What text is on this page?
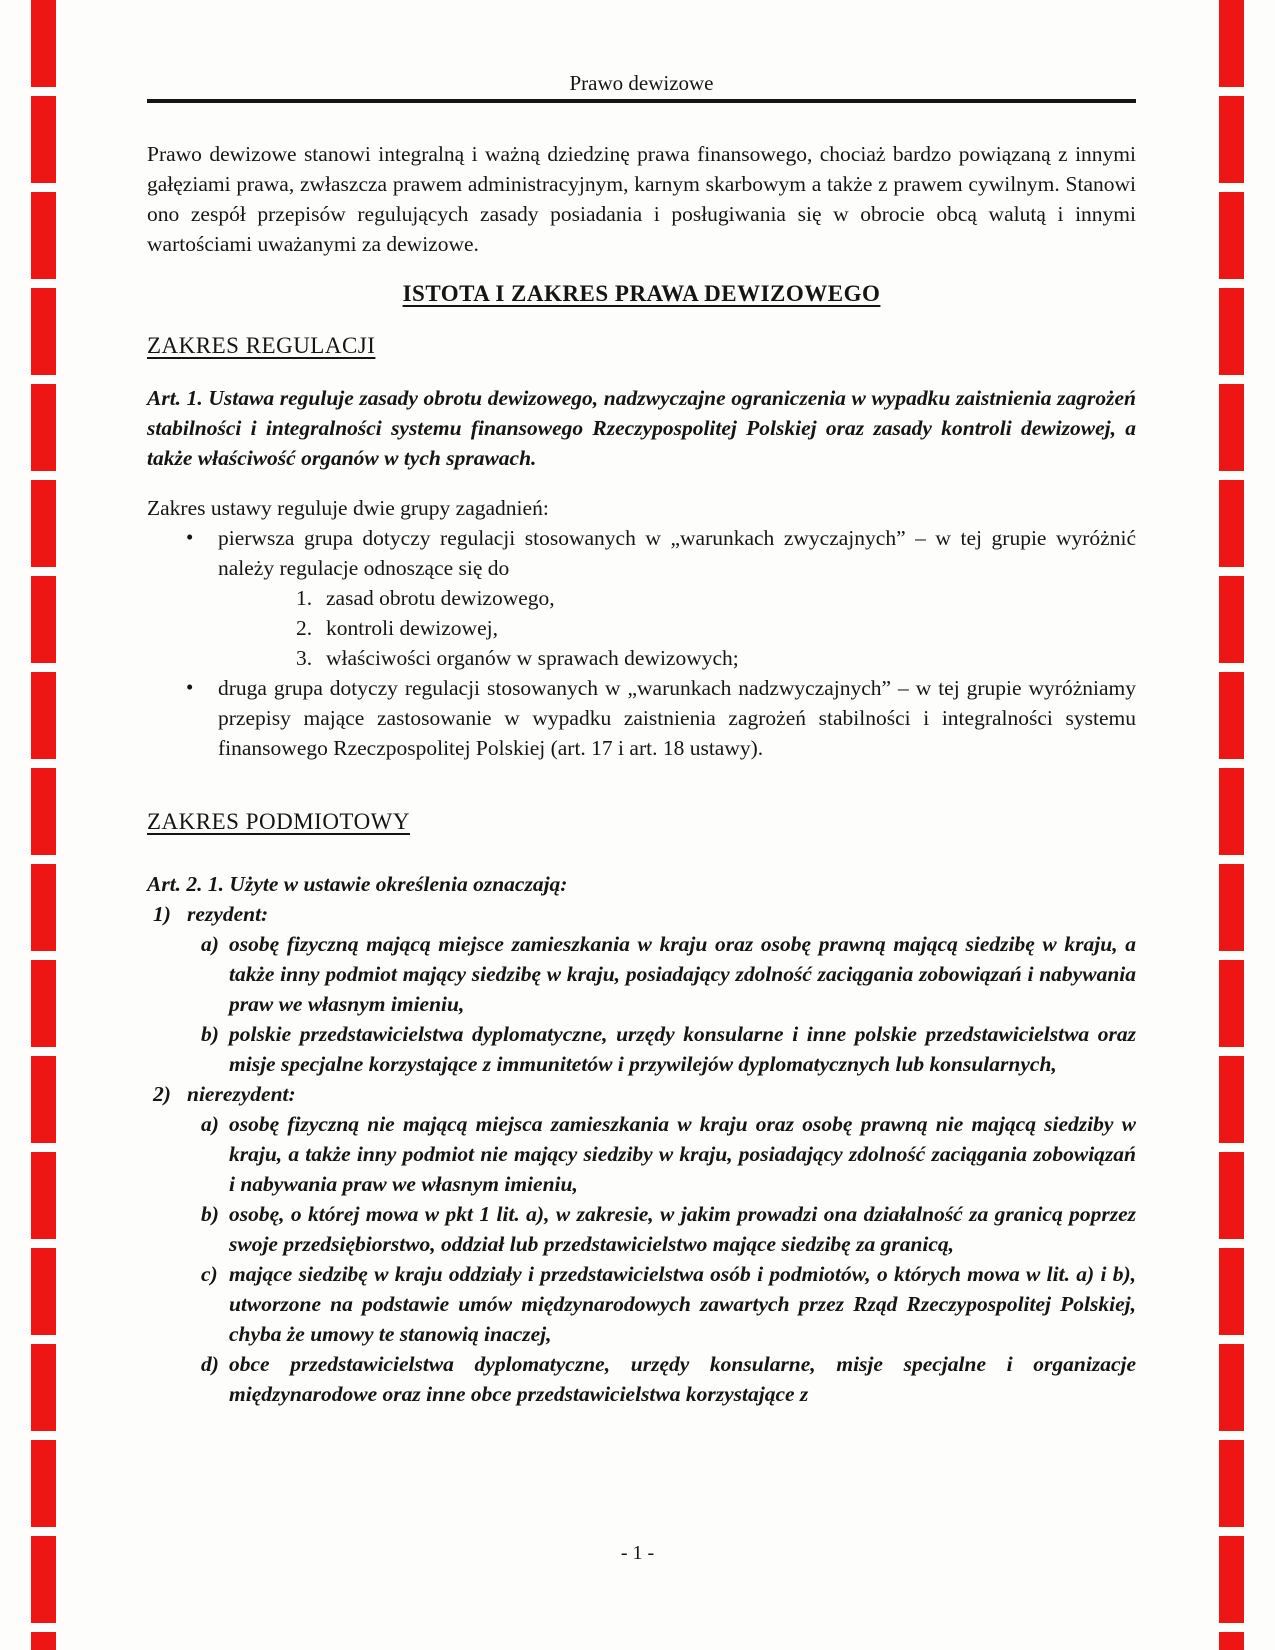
Prawo dewizowe

Prawo dewizowe stanowi integralną i ważną dziedzinę prawa finansowego, chociaż bardzo powiązaną z innymi gałęziami prawa, zwłaszcza prawem administracyjnym, karnym skarbowym a także z prawem cywilnym. Stanowi ono zespół przepisów regulujących zasady posiadania i posługiwania się w obrocie obcą walutą i innymi wartościami uważanymi za dewizowe.

ISTOTA I ZAKRES PRAWA DEWIZOWEGO
ZAKRES REGULACJI

Art. 1. Ustawa reguluje zasady obrotu dewizowego, nadzwyczajne ograniczenia w wypadku zaistnienia zagrożeń stabilności i integralności systemu finansowego Rzeczypospolitej Polskiej oraz zasady kontroli dewizowej, a także właściwość organów w tych sprawach.

Zakres ustawy reguluje dwie grupy zagadnień:

• pierwsza grupa dotyczy regulacji stosowanych w „warunkach zwyczajnych” – w tej grupie wyróżnić należy regulacje odnoszące się do
1. zasad obrotu dewizowego,
2. kontroli dewizowej,
3. właściwości organów w sprawach dewizowych;
• druga grupa dotyczy regulacji stosowanych w „warunkach nadzwyczajnych” – w tej grupie wyróżniamy przepisy mające zastosowanie w wypadku zaistnienia zagrożeń stabilności i integralności systemu finansowego Rzeczpospolitej Polskiej (art. 17 i art. 18 ustawy).
ZAKRES PODMIOTOWY

Art. 2. 1. Użyte w ustawie określenia oznaczają:

1) rezydent:
a) osobę fizyczną mającą miejsce zamieszkania w kraju oraz osobę prawną mającą siedzibę w kraju, a także inny podmiot mający siedzibę w kraju, posiadający zdolność zaciągania zobowiązań i nabywania praw we własnym imieniu,
b) polskie przedstawicielstwa dyplomatyczne, urzędy konsularne i inne polskie przedstawicielstwa oraz misje specjalne korzystające z immunitetów i przywilejów dyplomatycznych lub konsularnych,
2) nierezydent:
a) osobę fizyczną nie mającą miejsca zamieszkania w kraju oraz osobę prawną nie mającą siedziby w kraju, a także inny podmiot nie mający siedziby w kraju, posiadający zdolność zaciągania zobowiązań i nabywania praw we własnym imieniu,
b) osobę, o której mowa w pkt 1 lit. a), w zakresie, w jakim prowadzi ona działalność za granicą poprzez swoje przedsiębiorstwo, oddział lub przedstawicielstwo mające siedzibę za granicą,
c) mające siedzibę w kraju oddziały i przedstawicielstwa osób i podmiotów, o których mowa w lit. a) i b), utworzone na podstawie umów międzynarodowych zawartych przez Rząd Rzeczypospolitej Polskiej, chyba że umowy te stanowią inaczej,
d) obce przedstawicielstwa dyplomatyczne, urzędy konsularne, misje specjalne i organizacje międzynarodowe oraz inne obce przedstawicielstwa korzystające z
- 1 -
